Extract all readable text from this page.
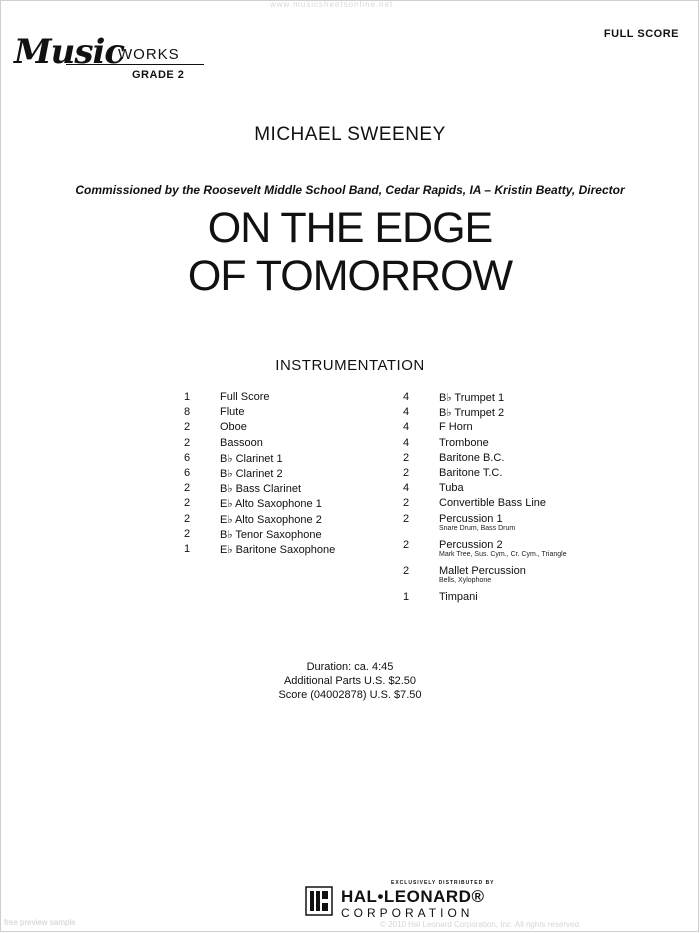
www.musicsheetsonline.net
Music
WORKS
GRADE 2
FULL SCORE
MICHAEL SWEENEY
Commissioned by the Roosevelt Middle School Band, Cedar Rapids, IA – Kristin Beatty, Director
ON THE EDGE
OF TOMORROW
INSTRUMENTATION
1	Full Score
8	Flute
2	Oboe
2	Bassoon
6	B♭ Clarinet 1
6	B♭ Clarinet 2
2	B♭ Bass Clarinet
2	E♭ Alto Saxophone 1
2	E♭ Alto Saxophone 2
2	B♭ Tenor Saxophone
1	E♭ Baritone Saxophone
4	B♭ Trumpet 1
4	B♭ Trumpet 2
4	F Horn
4	Trombone
2	Baritone B.C.
2	Baritone T.C.
4	Tuba
2	Convertible Bass Line
2	Percussion 1
Snare Drum, Bass Drum
2	Percussion 2
Mark Tree, Sus. Cym., Cr. Cym., Triangle
2	Mallet Percussion
Bells, Xylophone
1	Timpani
Duration: ca. 4:45
Additional Parts U.S. $2.50
Score (04002878) U.S. $7.50
EXCLUSIVELY DISTRIBUTED BY
HAL•LEONARD®
CORPORATION
free preview sample	© 2010 Hal Leonard Corporation, Inc. All rights reserved.
